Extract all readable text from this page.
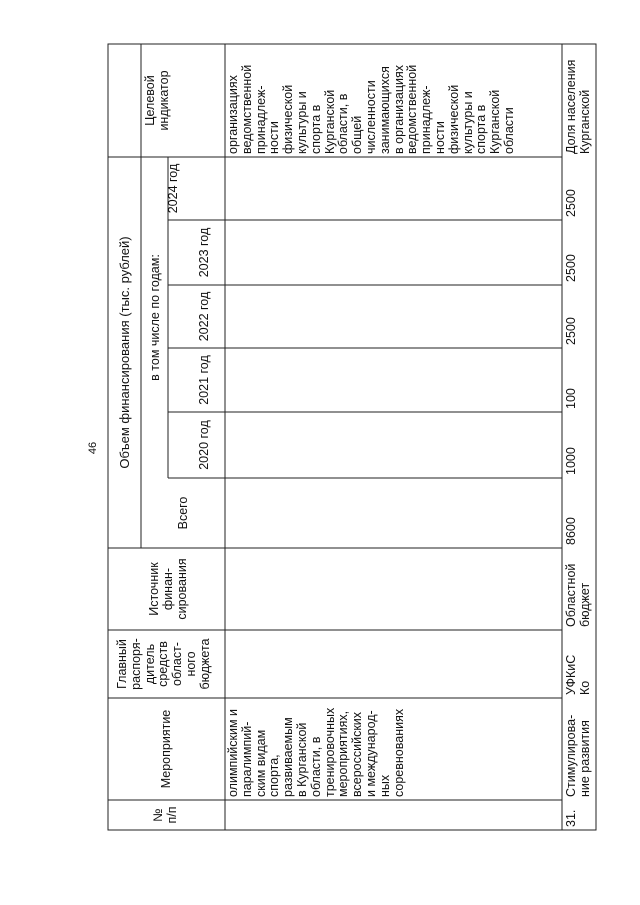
46
№
п/п
Мероприятие
Главный
распоря-
дитель
средств
област-
ного
бюджета
Источник
финан-
сирования
Объем финансирования (тыс. рублей)
Всего
в том числе по годам:
2020 год
2021 год
2022 год
2023 год
2024 год
Целевой
индикатор
олимпийским и
паралимпий-
ским видам
спорта,
развиваемым
в Курганской
области, в
тренировочных
мероприятиях,
всероссийских
и международ-
ных
соревнованиях
организациях
ведомственной
принадлеж-
ности
физической
культуры и
спорта в
Курганской
области, в
общей
численности
занимающихся
в организациях
ведомственной
принадлеж-
ности
физической
культуры и
спорта в
Курганской
области
31.
Стимулирова-
ние развития
УФКиС
Ко
Областной
бюджет
8600
1000
100
2500
2500
2500
Доля населения
Курганской
